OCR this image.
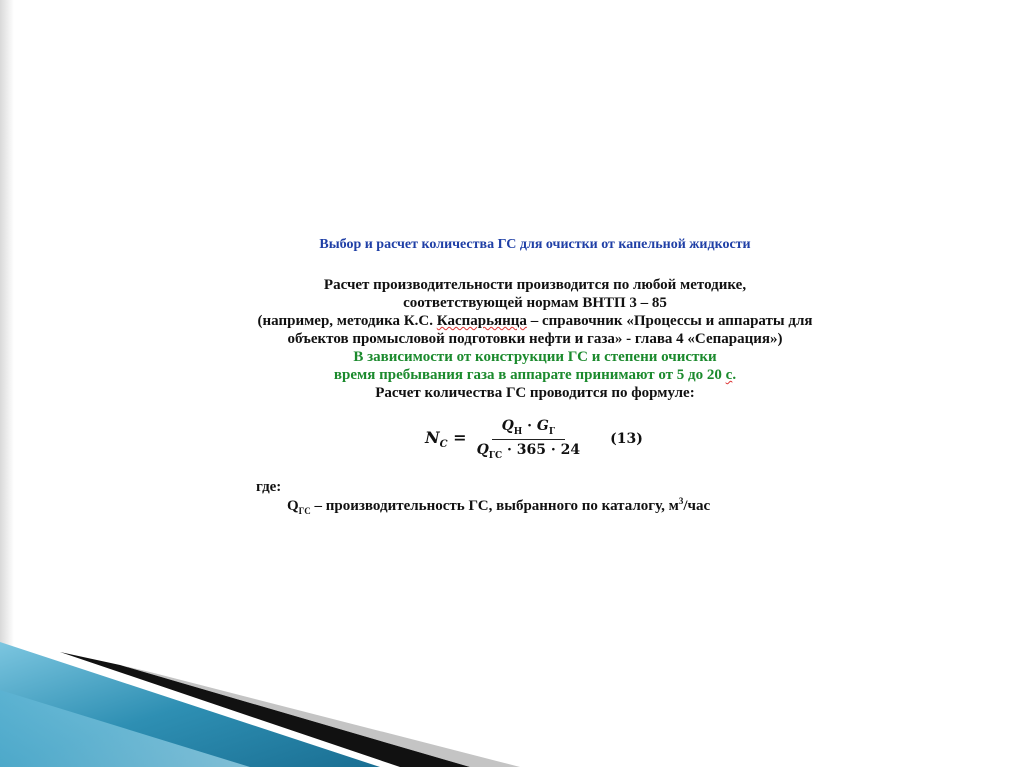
Выбор и расчет количества ГС для очистки от капельной жидкости
Расчет производительности производится по любой методике,
соответствующей нормам ВНТП 3 – 85
(например, методика К.С. Каспарьянца – справочник «Процессы и аппараты для
объектов промысловой подготовки нефти и газа» - глава 4 «Сепарация»)
В зависимости от конструкции ГС и степени очистки
время пребывания газа в аппарате принимают от 5 до 20 с.
Расчет количества ГС проводится по формуле:
$N_C = \frac{Q_Н \cdot G_Г}{Q_{ГС} \cdot 365 \cdot 24} (13)$
где:
$Q_{ГС}$ – производительность ГС, выбранного по каталогу, $м^3$/час
